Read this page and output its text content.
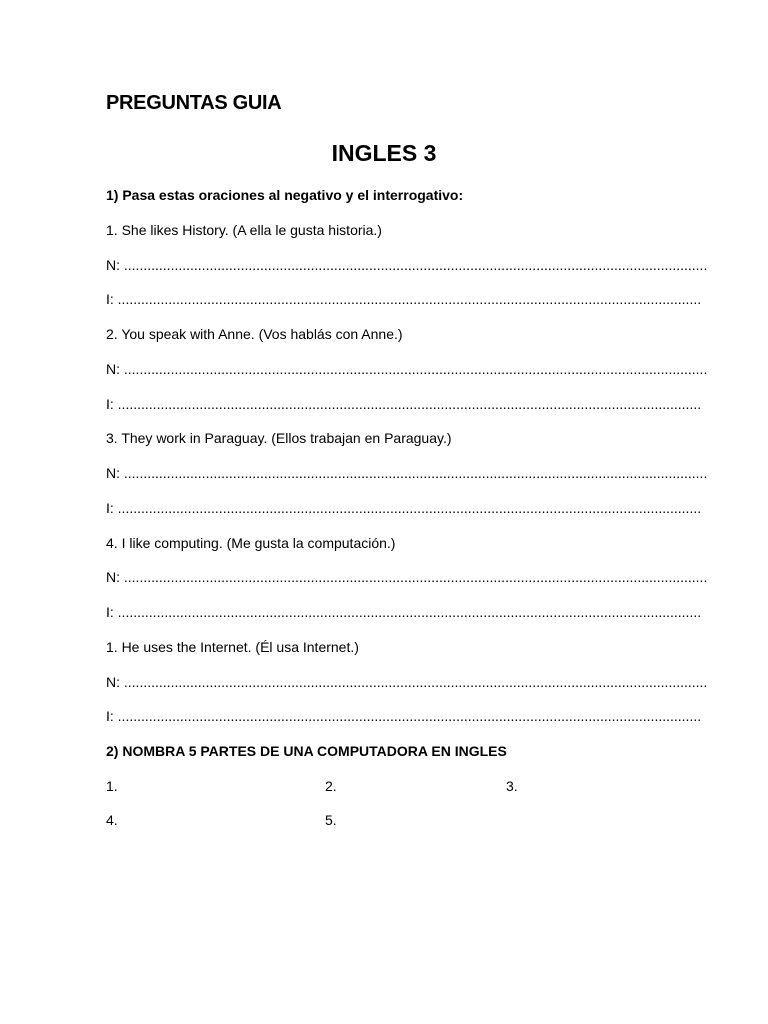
PREGUNTAS GUIA
INGLES 3
1) Pasa estas oraciones al negativo y el interrogativo:
1. She likes History. (A ella le gusta historia.)
N: ......................................................................................................................................................
I: ......................................................................................................................................................
2. You speak with Anne. (Vos hablás con Anne.)
N: ......................................................................................................................................................
I: ......................................................................................................................................................
3. They work in Paraguay. (Ellos trabajan en Paraguay.)
N: ......................................................................................................................................................
I: ......................................................................................................................................................
4. I like computing. (Me gusta la computación.)
N: ......................................................................................................................................................
I: ......................................................................................................................................................
1. He uses the Internet. (Él usa Internet.)
N: ......................................................................................................................................................
I: ......................................................................................................................................................
2) NOMBRA 5 PARTES DE UNA COMPUTADORA EN INGLES
1.	2.	3.
4.	5.
